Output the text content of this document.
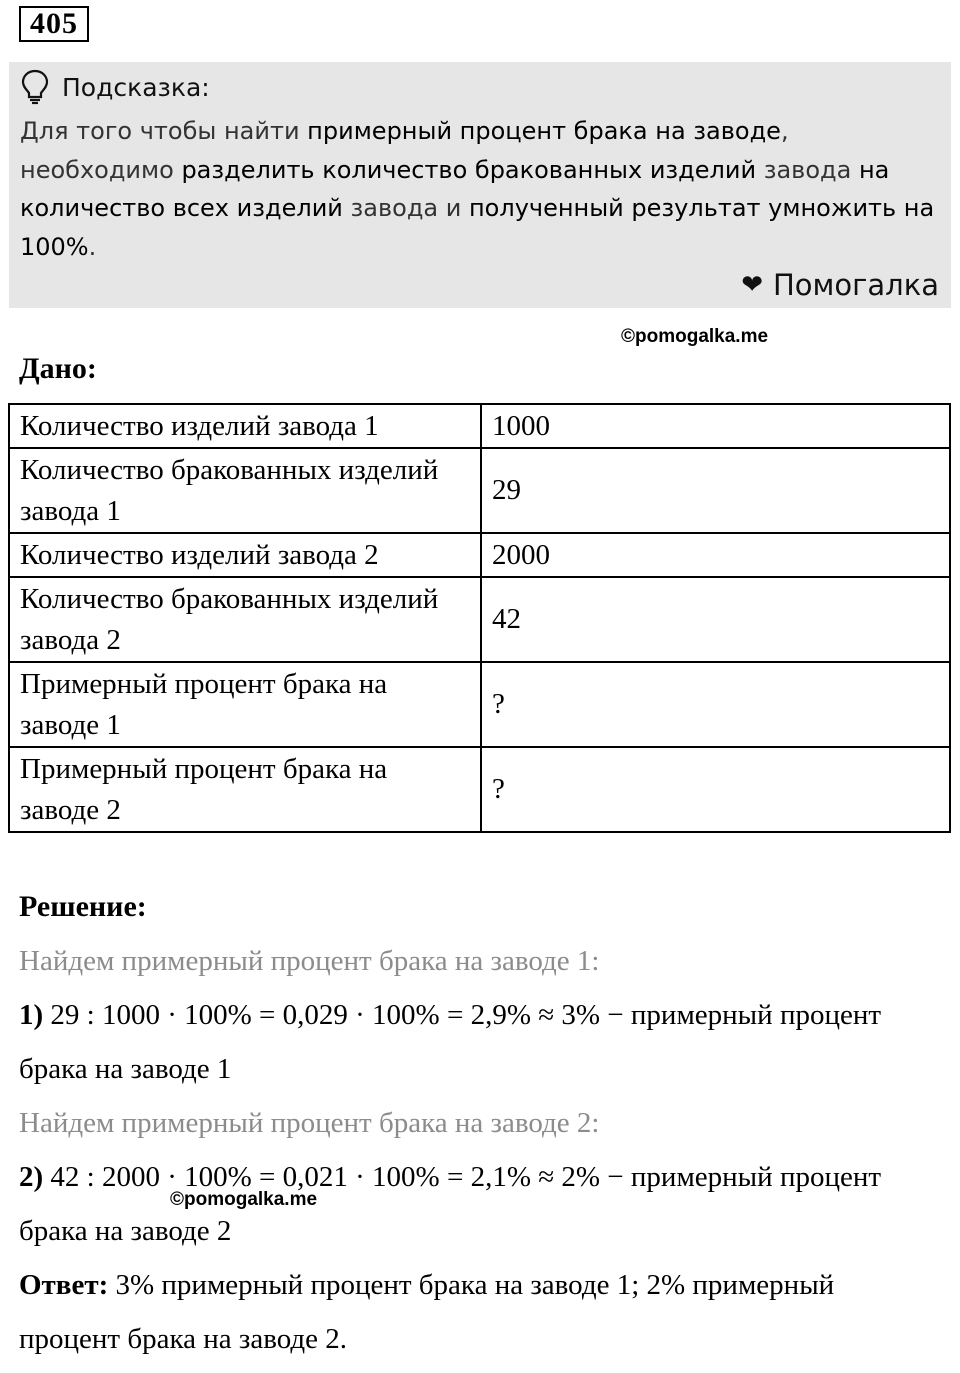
405
Подсказка:
Для того чтобы найти примерный процент брака на заводе, необходимо разделить количество бракованных изделий завода на количество всех изделий завода и полученный результат умножить на 100%.
❤ Помогалка
©pomogalka.me
Дано:
Количество изделий завода 1	1000
Количество бракованных изделий завода 1	29
Количество изделий завода 2	2000
Количество бракованных изделий завода 2	42
Примерный процент брака на заводе 1	?
Примерный процент брака на заводе 2	?
Решение:
Найдем примерный процент брака на заводе 1:
1) 29 : 1000 · 100% = 0,029 · 100% = 2,9% ≈ 3% − примерный процент брака на заводе 1
Найдем примерный процент брака на заводе 2:
2) 42 : 2000 · 100% = 0,021 · 100% = 2,1% ≈ 2% − примерный процент брака на заводе 2
Ответ: 3% примерный процент брака на заводе 1; 2% примерный процент брака на заводе 2.
©pomogalka.me
